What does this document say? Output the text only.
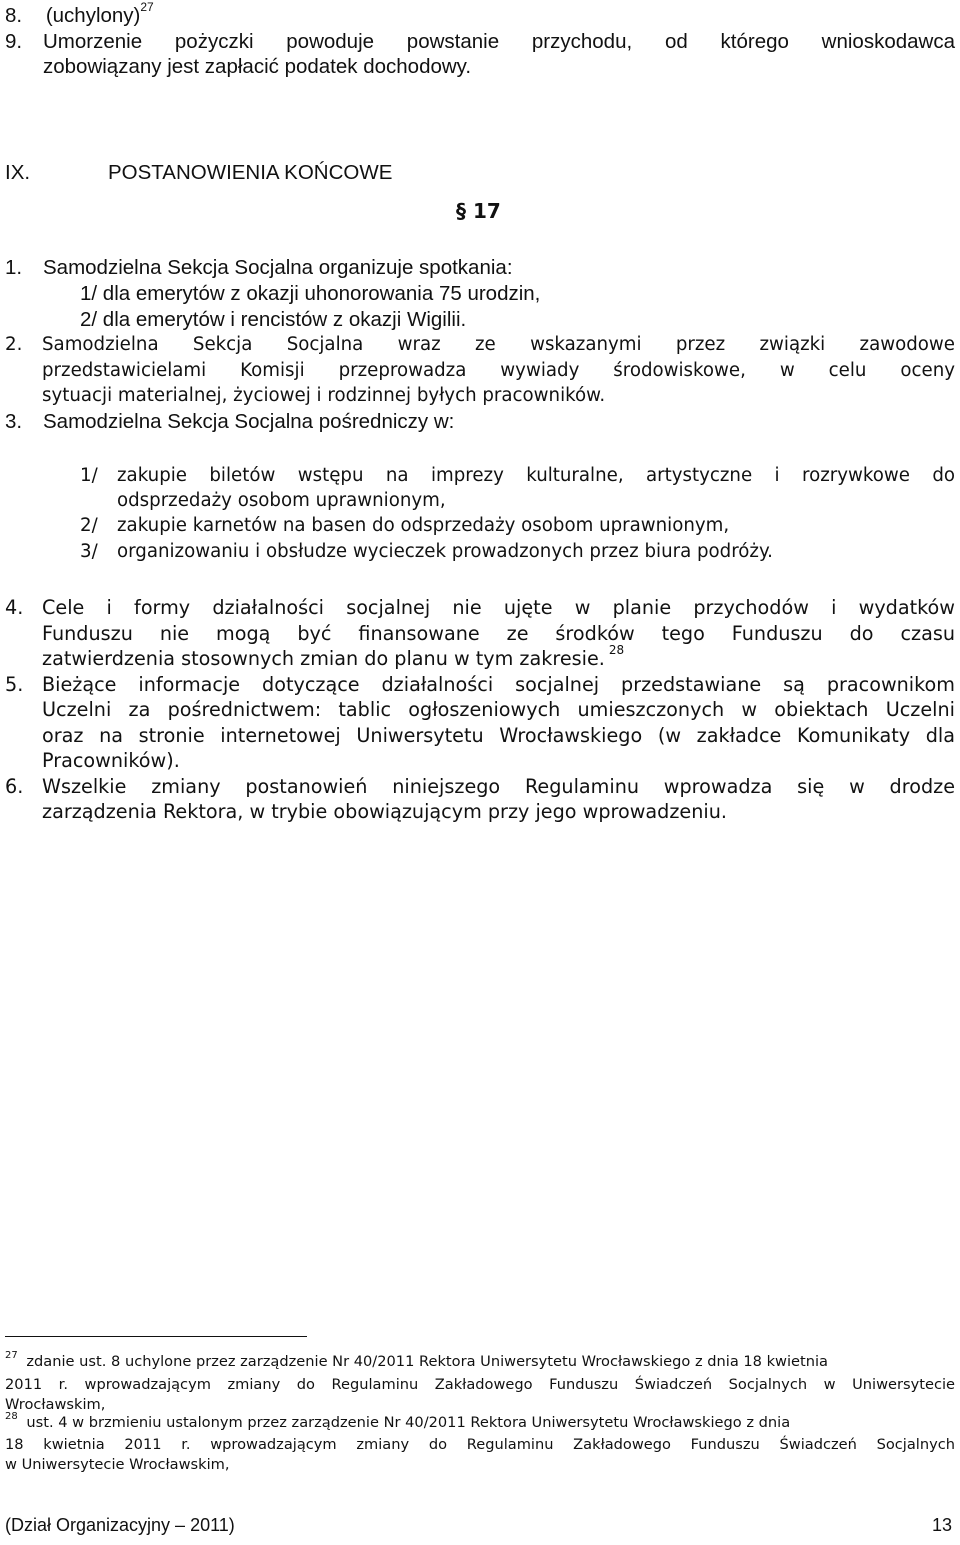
8. (uchylony)$^{27}$
9. Umorzenie pożyczki powoduje powstanie przychodu, od którego wnioskodawca
zobowiązany jest zapłacić podatek dochodowy.
IX.	POSTANOWIENIA KOŃCOWE
§ 17
1. Samodzielna Sekcja Socjalna organizuje spotkania:
1/ dla emerytów z okazji uhonorowania 75 urodzin,
2/ dla emerytów i rencistów z okazji Wigilii.
2. Samodzielna Sekcja Socjalna wraz ze wskazanymi przez związki zawodowe
przedstawicielami Komisji przeprowadza wywiady środowiskowe, w celu oceny
sytuacji materialnej, życiowej i rodzinnej byłych pracowników.
3. Samodzielna Sekcja Socjalna pośredniczy w:
1/ zakupie biletów wstępu na imprezy kulturalne, artystyczne i rozrywkowe do
odsprzedaży osobom uprawnionym,
2/ zakupie karnetów na basen do odsprzedaży osobom uprawnionym,
3/ organizowaniu i obsłudze wycieczek prowadzonych przez biura podróży.
4. Cele i formy działalności socjalnej nie ujęte w planie przychodów i wydatków
Funduszu nie mogą być finansowane ze środków tego Funduszu do czasu
zatwierdzenia stosownych zmian do planu w tym zakresie. $^{28}$
5. Bieżące informacje dotyczące działalności socjalnej przedstawiane są pracownikom
Uczelni za pośrednictwem: tablic ogłoszeniowych umieszczonych w obiektach Uczelni
oraz na stronie internetowej Uniwersytetu Wrocławskiego (w zakładce Komunikaty dla
Pracowników).
6. Wszelkie zmiany postanowień niniejszego Regulaminu wprowadza się w drodze
zarządzenia Rektora, w trybie obowiązującym przy jego wprowadzeniu.
$^{27}$ zdanie ust. 8 uchylone przez zarządzenie Nr 40/2011 Rektora Uniwersytetu Wrocławskiego z dnia 18 kwietnia
2011 r. wprowadzającym zmiany do Regulaminu Zakładowego Funduszu Świadczeń Socjalnych w Uniwersytecie
Wrocławskim,
$^{28}$ ust. 4 w brzmieniu ustalonym przez zarządzenie Nr 40/2011 Rektora Uniwersytetu Wrocławskiego z dnia
18 kwietnia 2011 r. wprowadzającym zmiany do Regulaminu Zakładowego Funduszu Świadczeń Socjalnych
w Uniwersytecie Wrocławskim,
(Dział Organizacyjny – 2011)	13
